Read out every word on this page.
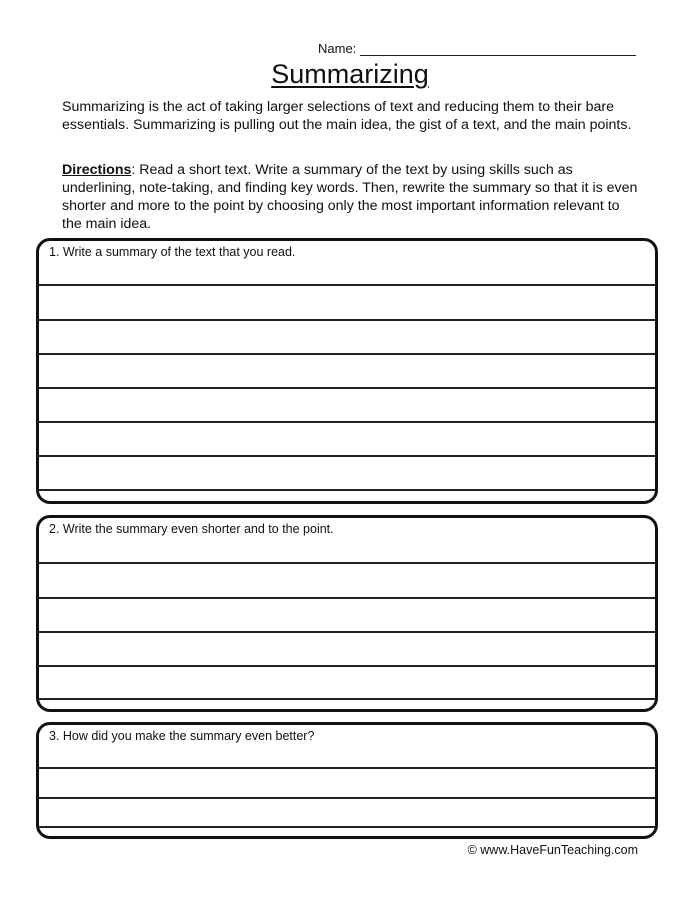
Name:
Summarizing

Summarizing is the act of taking larger selections of text and reducing them to their bare essentials. Summarizing is pulling out the main idea, the gist of a text, and the main points.

Directions: Read a short text. Write a summary of the text by using skills such as underlining, note-taking, and finding key words. Then, rewrite the summary so that it is even shorter and more to the point by choosing only the most important information relevant to the main idea.

1. Write a summary of the text that you read.
2. Write the summary even shorter and to the point.
3. How did you make the summary even better?
© www.HaveFunTeaching.com
